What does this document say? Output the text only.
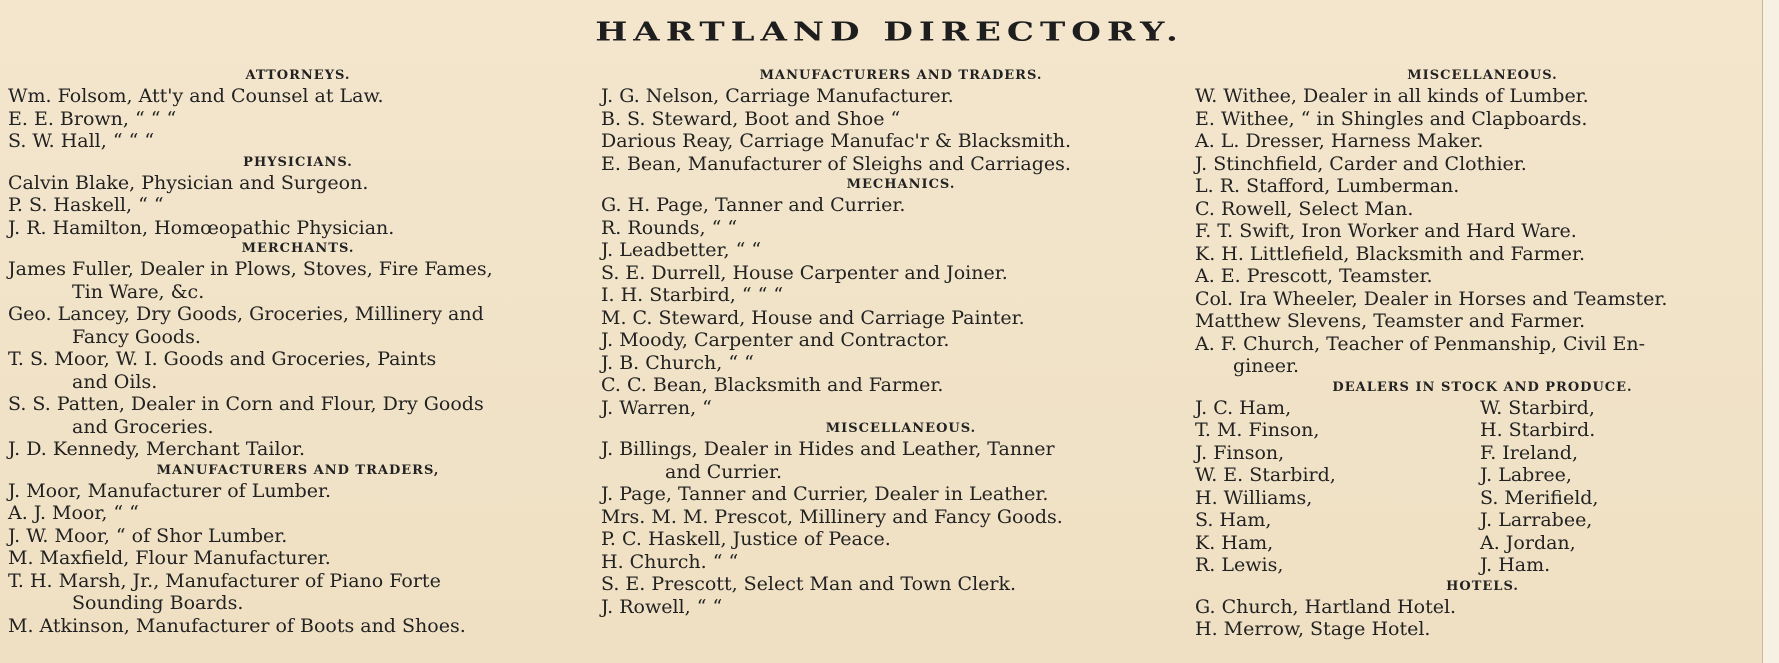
HARTLAND DIRECTORY.
ATTORNEYS.
Wm. Folsom, Att'y and Counsel at Law.
E. E. Brown, “ “ “
S. W. Hall, “ “ “
PHYSICIANS.
Calvin Blake, Physician and Surgeon.
P. S. Haskell, “ “
J. R. Hamilton, Homœopathic Physician.
MERCHANTS.
James Fuller, Dealer in Plows, Stoves, Fire Fames,
Tin Ware, &c.
Geo. Lancey, Dry Goods, Groceries, Millinery and
Fancy Goods.
T. S. Moor, W. I. Goods and Groceries, Paints
and Oils.
S. S. Patten, Dealer in Corn and Flour, Dry Goods
and Groceries.
J. D. Kennedy, Merchant Tailor.
MANUFACTURERS AND TRADERS,
J. Moor, Manufacturer of Lumber.
A. J. Moor, “ “
J. W. Moor, “ of Shor Lumber.
M. Maxfield, Flour Manufacturer.
T. H. Marsh, Jr., Manufacturer of Piano Forte
Sounding Boards.
M. Atkinson, Manufacturer of Boots and Shoes.
MANUFACTURERS AND TRADERS.
J. G. Nelson, Carriage Manufacturer.
B. S. Steward, Boot and Shoe “
Darious Reay, Carriage Manufac'r & Blacksmith.
E. Bean, Manufacturer of Sleighs and Carriages.
MECHANICS.
G. H. Page, Tanner and Currier.
R. Rounds, “ “
J. Leadbetter, “ “
S. E. Durrell, House Carpenter and Joiner.
I. H. Starbird, “ “ “
M. C. Steward, House and Carriage Painter.
J. Moody, Carpenter and Contractor.
J. B. Church, “ “
C. C. Bean, Blacksmith and Farmer.
J. Warren, “
MISCELLANEOUS.
J. Billings, Dealer in Hides and Leather, Tanner
and Currier.
J. Page, Tanner and Currier, Dealer in Leather.
Mrs. M. M. Prescot, Millinery and Fancy Goods.
P. C. Haskell, Justice of Peace.
H. Church. “ “
S. E. Prescott, Select Man and Town Clerk.
J. Rowell, “ “
MISCELLANEOUS.
W. Withee, Dealer in all kinds of Lumber.
E. Withee, “ in Shingles and Clapboards.
A. L. Dresser, Harness Maker.
J. Stinchfield, Carder and Clothier.
L. R. Stafford, Lumberman.
C. Rowell, Select Man.
F. T. Swift, Iron Worker and Hard Ware.
K. H. Littlefield, Blacksmith and Farmer.
A. E. Prescott, Teamster.
Col. Ira Wheeler, Dealer in Horses and Teamster.
Matthew Slevens, Teamster and Farmer.
A. F. Church, Teacher of Penmanship, Civil En-
gineer.
DEALERS IN STOCK AND PRODUCE.
J. C. Ham,	W. Starbird,
T. M. Finson,	H. Starbird.
J. Finson,	F. Ireland,
W. E. Starbird,	J. Labree,
H. Williams,	S. Merifield,
S. Ham,	J. Larrabee,
K. Ham,	A. Jordan,
R. Lewis,	J. Ham.
HOTELS.
G. Church, Hartland Hotel.
H. Merrow, Stage Hotel.
